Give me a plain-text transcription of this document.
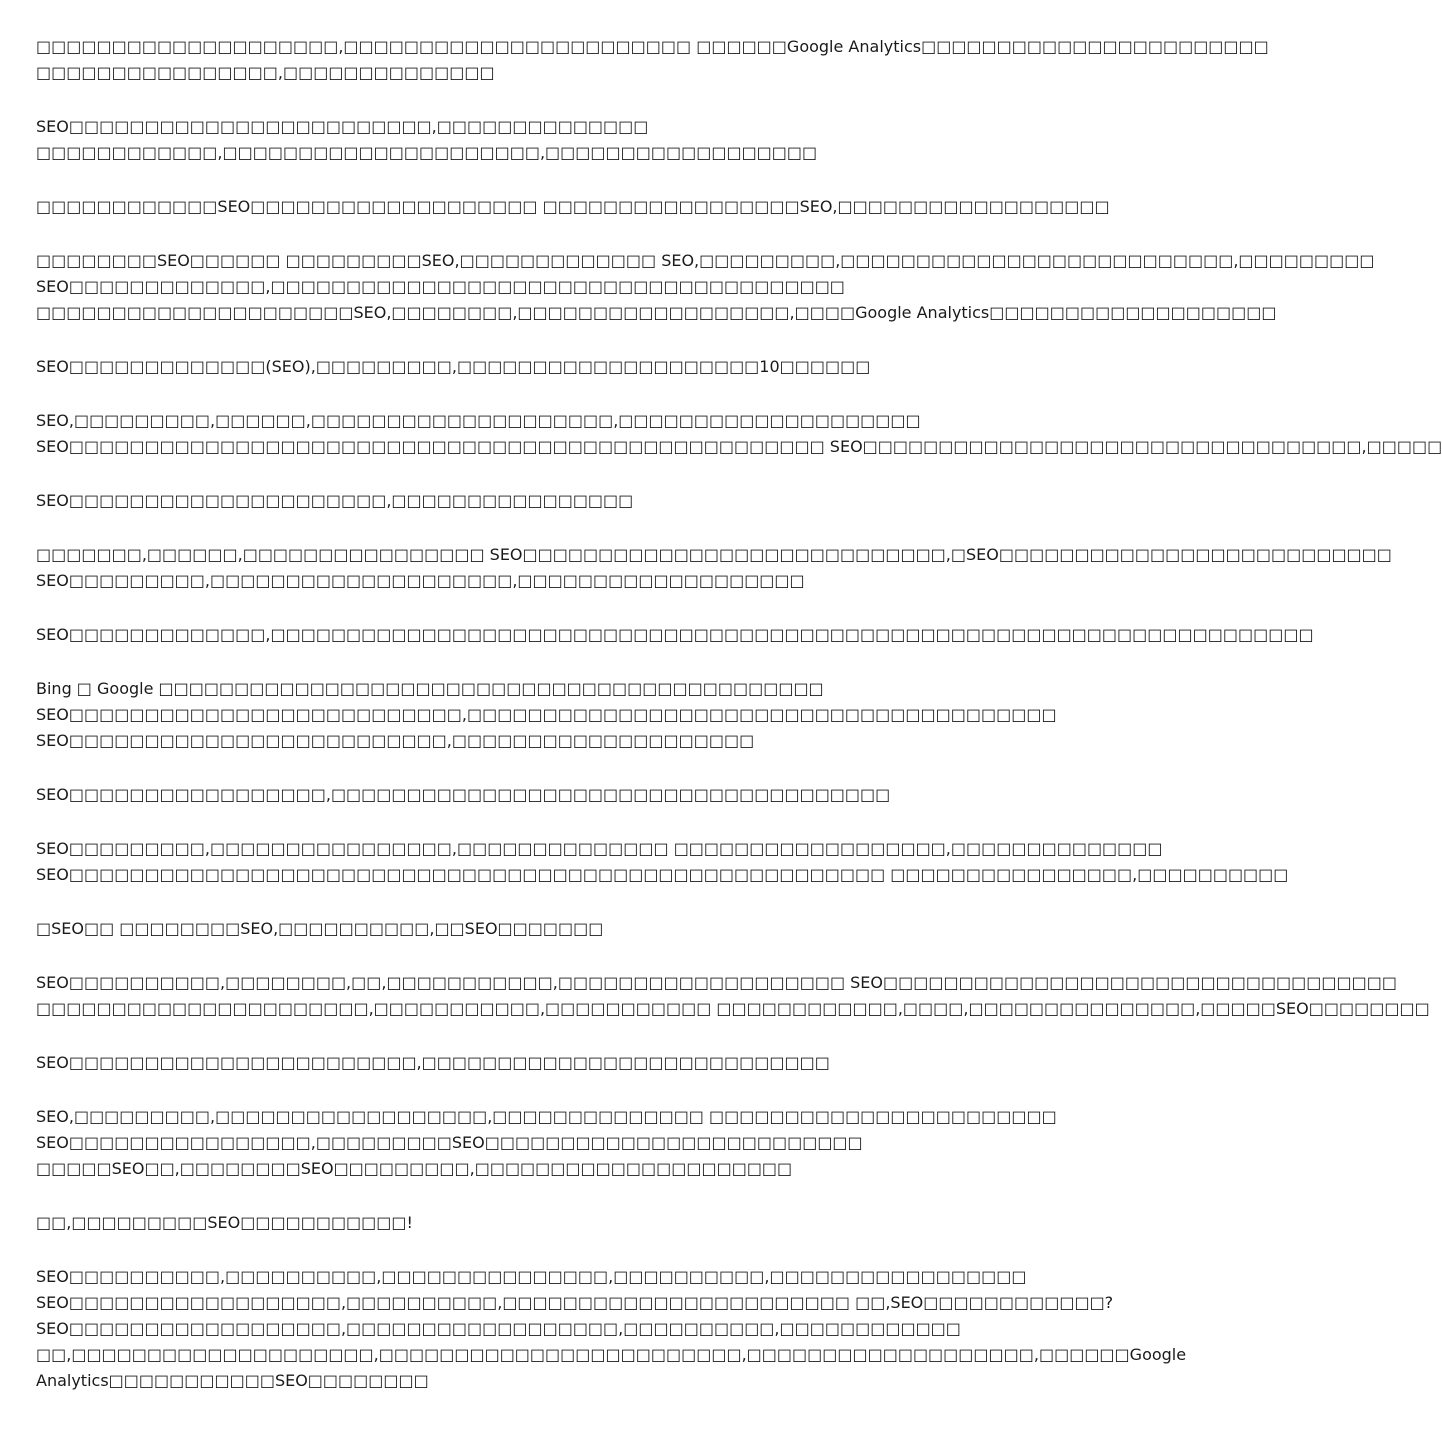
□□□□□□□□□□□□□□□□□□□□,□□□□□□□□□□□□□□□□□□□□□□□ □□□□□□Google Analytics□□□□□□□□□□□□□□□□□□□□□□□
□□□□□□□□□□□□□□□□,□□□□□□□□□□□□□□
SEO□□□□□□□□□□□□□□□□□□□□□□□□,□□□□□□□□□□□□□□
□□□□□□□□□□□□,□□□□□□□□□□□□□□□□□□□□□,□□□□□□□□□□□□□□□□□□
□□□□□□□□□□□□SEO□□□□□□□□□□□□□□□□□□□ □□□□□□□□□□□□□□□□□SEO,□□□□□□□□□□□□□□□□□□
□□□□□□□□SEO□□□□□□ □□□□□□□□□SEO,□□□□□□□□□□□□□ SEO,□□□□□□□□□,□□□□□□□□□□□□□□□□□□□□□□□□□□,□□□□□□□□□
SEO□□□□□□□□□□□□□,□□□□□□□□□□□□□□□□□□□□□□□□□□□□□□□□□□□□□□
□□□□□□□□□□□□□□□□□□□□□SEO,□□□□□□□□,□□□□□□□□□□□□□□□□□□,□□□□Google Analytics□□□□□□□□□□□□□□□□□□□
SEO□□□□□□□□□□□□□(SEO),□□□□□□□□□,□□□□□□□□□□□□□□□□□□□□10□□□□□□
SEO,□□□□□□□□□,□□□□□□,□□□□□□□□□□□□□□□□□□□□,□□□□□□□□□□□□□□□□□□□□
SEO□□□□□□□□□□□□□□□□□□□□□□□□□□□□□□□□□□□□□□□□□□□□□□□□□□ SEO□□□□□□□□□□□□□□□□□□□□□□□□□□□□□□□□□,□□□□□
SEO□□□□□□□□□□□□□□□□□□□□□,□□□□□□□□□□□□□□□□
□□□□□□□,□□□□□□,□□□□□□□□□□□□□□□□ SEO□□□□□□□□□□□□□□□□□□□□□□□□□□□□,□SEO□□□□□□□□□□□□□□□□□□□□□□□□□□
SEO□□□□□□□□□,□□□□□□□□□□□□□□□□□□□□,□□□□□□□□□□□□□□□□□□□
SEO□□□□□□□□□□□□□,□□□□□□□□□□□□□□□□□□□□□□□□□□□□□□□□□□□□□□□□□□□□□□□□□□□□□□□□□□□□□□□□□□□□□
Bing □ Google □□□□□□□□□□□□□□□□□□□□□□□□□□□□□□□□□□□□□□□□□□□□
SEO□□□□□□□□□□□□□□□□□□□□□□□□□□,□□□□□□□□□□□□□□□□□□□□□□□□□□□□□□□□□□□□□□□
SEO□□□□□□□□□□□□□□□□□□□□□□□□□,□□□□□□□□□□□□□□□□□□□□
SEO□□□□□□□□□□□□□□□□□,□□□□□□□□□□□□□□□□□□□□□□□□□□□□□□□□□□□□□
SEO□□□□□□□□□,□□□□□□□□□□□□□□□□,□□□□□□□□□□□□□□ □□□□□□□□□□□□□□□□□□,□□□□□□□□□□□□□□
SEO□□□□□□□□□□□□□□□□□□□□□□□□□□□□□□□□□□□□□□□□□□□□□□□□□□□□□□ □□□□□□□□□□□□□□□□,□□□□□□□□□□
□SEO□□ □□□□□□□□SEO,□□□□□□□□□□,□□SEO□□□□□□□
SEO□□□□□□□□□□,□□□□□□□□,□□,□□□□□□□□□□□,□□□□□□□□□□□□□□□□□□□ SEO□□□□□□□□□□□□□□□□□□□□□□□□□□□□□□□□□□
□□□□□□□□□□□□□□□□□□□□□□,□□□□□□□□□□□,□□□□□□□□□□□ □□□□□□□□□□□□,□□□□,□□□□□□□□□□□□□□□,□□□□□SEO□□□□□□□□
SEO□□□□□□□□□□□□□□□□□□□□□□□,□□□□□□□□□□□□□□□□□□□□□□□□□□□
SEO,□□□□□□□□□,□□□□□□□□□□□□□□□□□□,□□□□□□□□□□□□□□ □□□□□□□□□□□□□□□□□□□□□□□
SEO□□□□□□□□□□□□□□□□,□□□□□□□□□SEO□□□□□□□□□□□□□□□□□□□□□□□□□
□□□□□SEO□□,□□□□□□□□SEO□□□□□□□□□,□□□□□□□□□□□□□□□□□□□□□
□□,□□□□□□□□□SEO□□□□□□□□□□□!
SEO□□□□□□□□□□,□□□□□□□□□□,□□□□□□□□□□□□□□□,□□□□□□□□□□,□□□□□□□□□□□□□□□□□
SEO□□□□□□□□□□□□□□□□□□,□□□□□□□□□□,□□□□□□□□□□□□□□□□□□□□□□□ □□,SEO□□□□□□□□□□□□?
SEO□□□□□□□□□□□□□□□□□□,□□□□□□□□□□□□□□□□□□,□□□□□□□□□□,□□□□□□□□□□□□
□□,□□□□□□□□□□□□□□□□□□□□,□□□□□□□□□□□□□□□□□□□□□□□□,□□□□□□□□□□□□□□□□□□□,□□□□□□Google
Analytics□□□□□□□□□□□SEO□□□□□□□□
